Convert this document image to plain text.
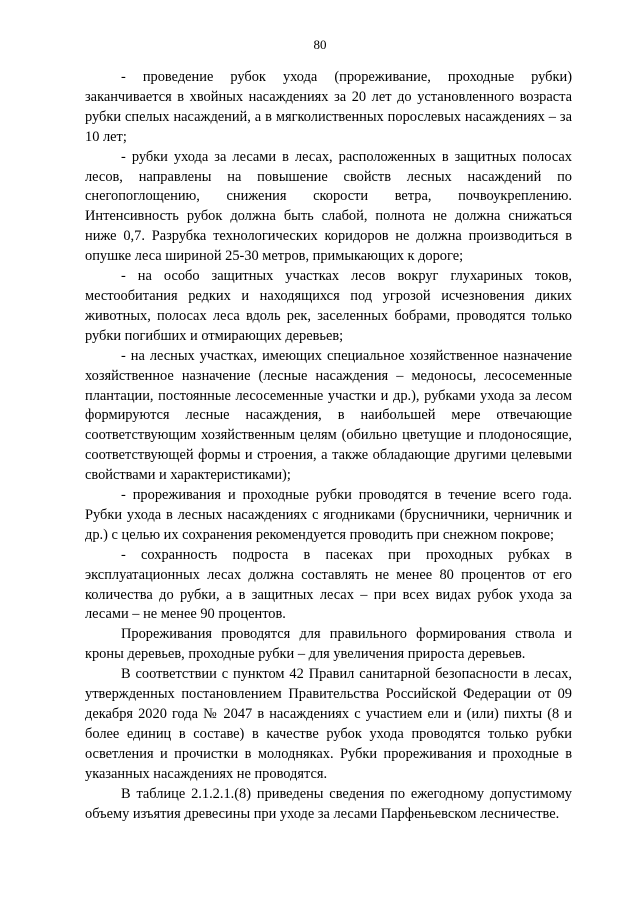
80

- проведение рубок ухода (прореживание, проходные рубки) заканчивается в хвойных насаждениях за 20 лет до установленного возраста рубки спелых насаждений, а в мягколиственных порослевых насаждениях – за 10 лет;

- рубки ухода за лесами в лесах, расположенных в защитных полосах лесов, направлены на повышение свойств лесных насаждений по снегопоглощению, снижения скорости ветра, почвоукреплению. Интенсивность рубок должна быть слабой, полнота не должна снижаться ниже 0,7. Разрубка технологических коридоров не должна производиться в опушке леса шириной 25-30 метров, примыкающих к дороге;

- на особо защитных участках лесов вокруг глухариных токов, местообитания редких и находящихся под угрозой исчезновения диких животных, полосах леса вдоль рек, заселенных бобрами, проводятся только рубки погибших и отмирающих деревьев;

- на лесных участках, имеющих специальное хозяйственное назначение хозяйственное назначение (лесные насаждения – медоносы, лесосеменные плантации, постоянные лесосеменные участки и др.), рубками ухода за лесом формируются лесные насаждения, в наибольшей мере отвечающие соответствующим хозяйственным целям (обильно цветущие и плодоносящие, соответствующей формы и строения, а также обладающие другими целевыми свойствами и характеристиками);

- прореживания и проходные рубки проводятся в течение всего года. Рубки ухода в лесных насаждениях с ягодниками (брусничники, черничник и др.) с целью их сохранения рекомендуется проводить при снежном покрове;

- сохранность подроста в пасеках при проходных рубках в эксплуатационных лесах должна составлять не менее 80 процентов от его количества до рубки, а в защитных лесах – при всех видах рубок ухода за лесами – не менее 90 процентов.

Прореживания проводятся для правильного формирования ствола и кроны деревьев, проходные рубки – для увеличения прироста деревьев.

В соответствии с пунктом 42 Правил санитарной безопасности в лесах, утвержденных постановлением Правительства Российской Федерации от 09 декабря 2020 года № 2047 в насаждениях с участием ели и (или) пихты (8 и более единиц в составе) в качестве рубок ухода проводятся только рубки осветления и прочистки в молодняках. Рубки прореживания и проходные в указанных насаждениях не проводятся.

В таблице 2.1.2.1.(8) приведены сведения по ежегодному допустимому объему изъятия древесины при уходе за лесами Парфеньевском лесничестве.
